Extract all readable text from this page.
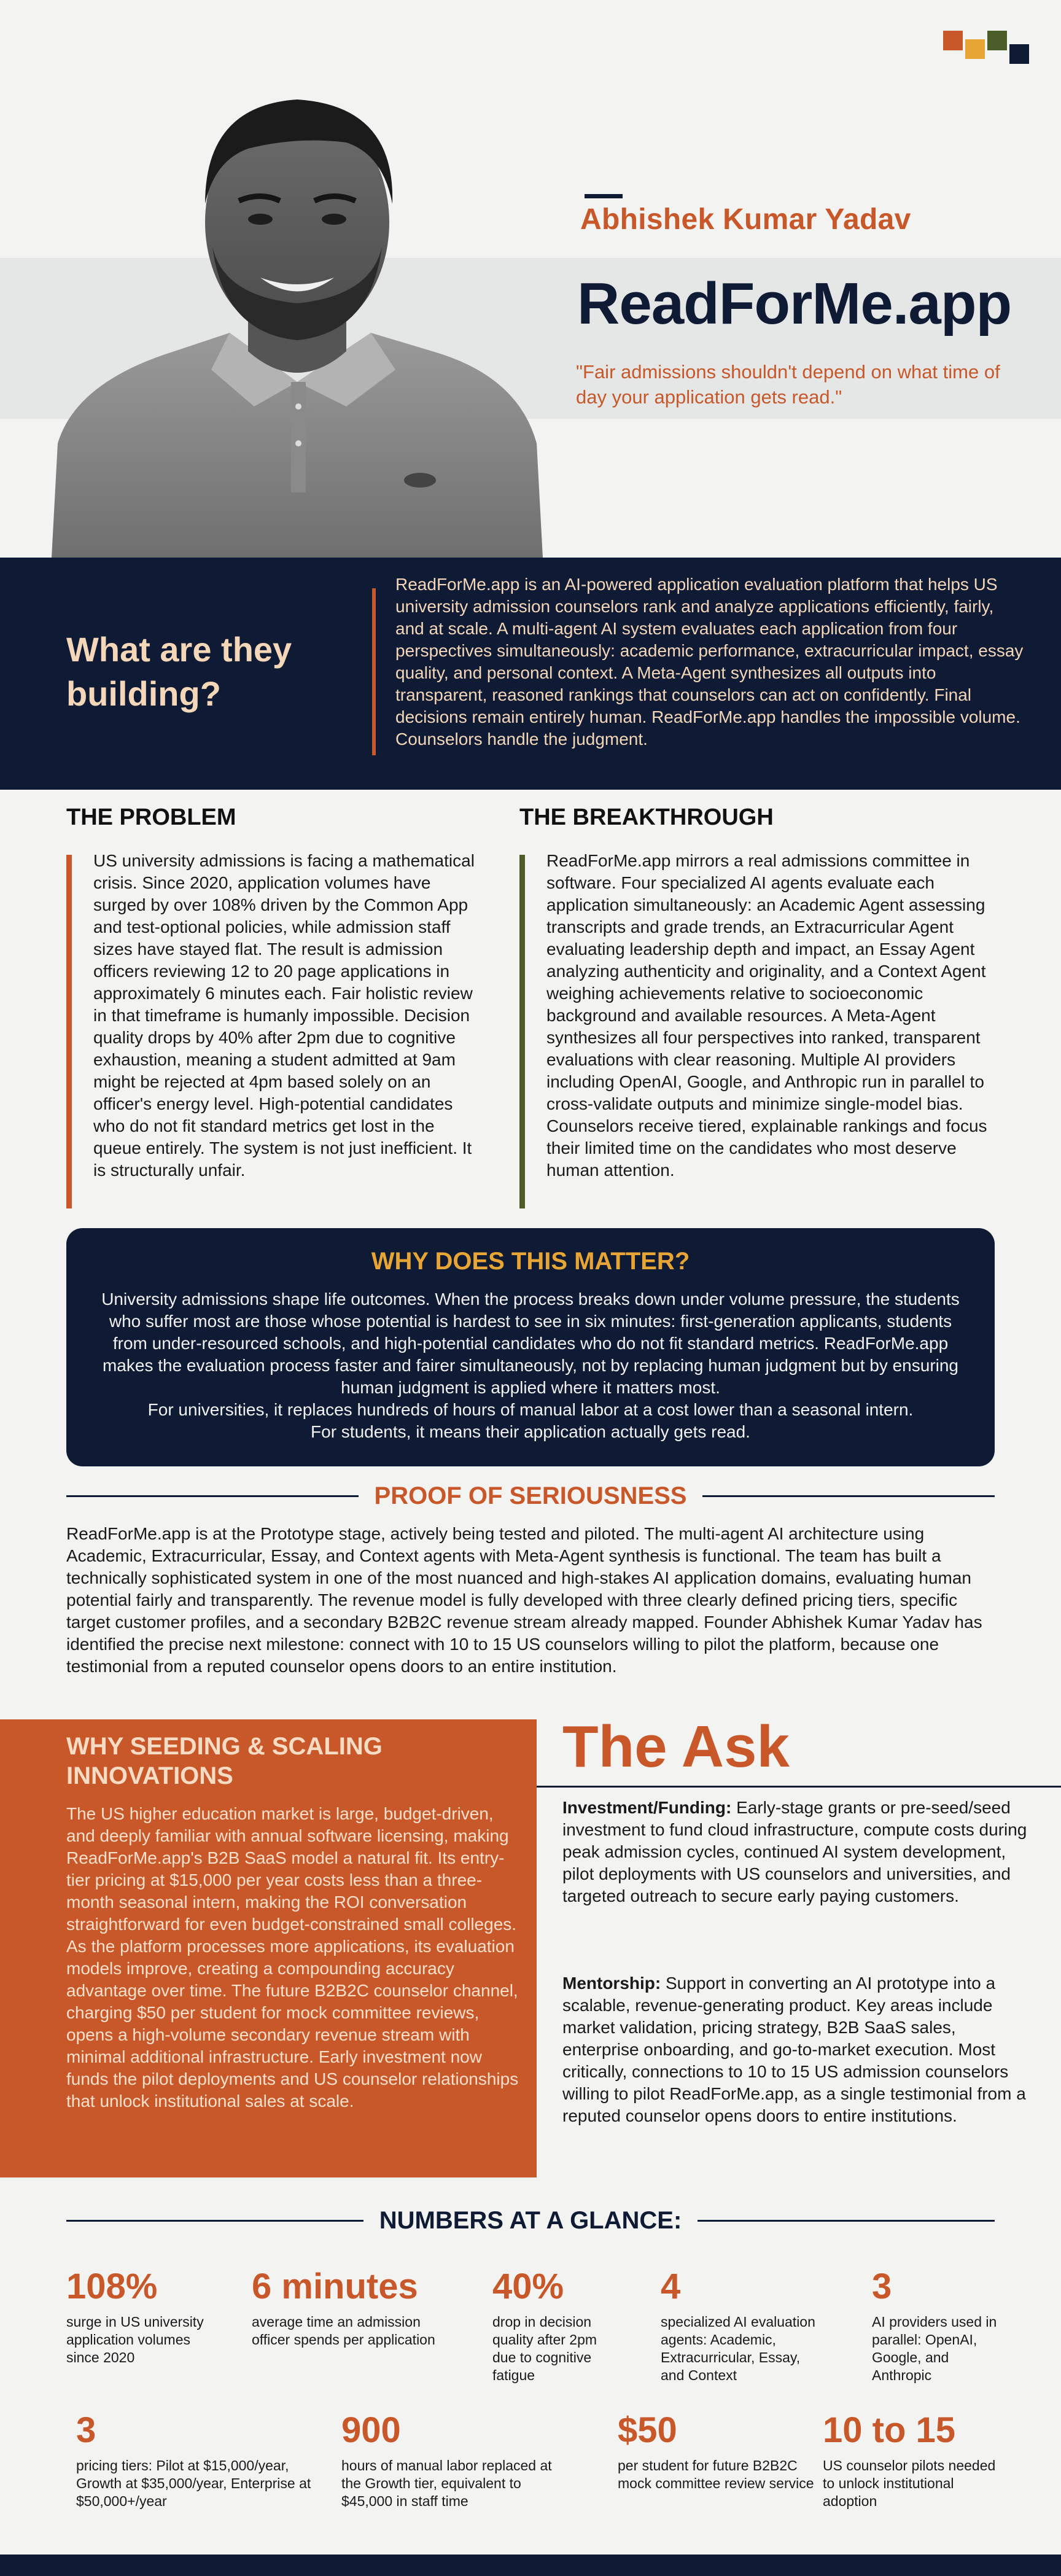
Abhishek Kumar Yadav
ReadForMe.app
"Fair admissions shouldn't depend on what time of day your application gets read."
What are they building?
ReadForMe.app is an AI-powered application evaluation platform that helps US university admission counselors rank and analyze applications efficiently, fairly, and at scale. A multi-agent AI system evaluates each application from four perspectives simultaneously: academic performance, extracurricular impact, essay quality, and personal context. A Meta-Agent synthesizes all outputs into transparent, reasoned rankings that counselors can act on confidently. Final decisions remain entirely human. ReadForMe.app handles the impossible volume. Counselors handle the judgment.
THE PROBLEM
US university admissions is facing a mathematical crisis. Since 2020, application volumes have surged by over 108% driven by the Common App and test-optional policies, while admission staff sizes have stayed flat. The result is admission officers reviewing 12 to 20 page applications in approximately 6 minutes each. Fair holistic review in that timeframe is humanly impossible. Decision quality drops by 40% after 2pm due to cognitive exhaustion, meaning a student admitted at 9am might be rejected at 4pm based solely on an officer's energy level. High-potential candidates who do not fit standard metrics get lost in the queue entirely. The system is not just inefficient. It is structurally unfair.
THE BREAKTHROUGH
ReadForMe.app mirrors a real admissions committee in software. Four specialized AI agents evaluate each application simultaneously: an Academic Agent assessing transcripts and grade trends, an Extracurricular Agent evaluating leadership depth and impact, an Essay Agent analyzing authenticity and originality, and a Context Agent weighing achievements relative to socioeconomic background and available resources. A Meta-Agent synthesizes all four perspectives into ranked, transparent evaluations with clear reasoning. Multiple AI providers including OpenAI, Google, and Anthropic run in parallel to cross-validate outputs and minimize single-model bias. Counselors receive tiered, explainable rankings and focus their limited time on the candidates who most deserve human attention.
WHY DOES THIS MATTER?
University admissions shape life outcomes. When the process breaks down under volume pressure, the students who suffer most are those whose potential is hardest to see in six minutes: first-generation applicants, students from under-resourced schools, and high-potential candidates who do not fit standard metrics. ReadForMe.app makes the evaluation process faster and fairer simultaneously, not by replacing human judgment but by ensuring human judgment is applied where it matters most.
For universities, it replaces hundreds of hours of manual labor at a cost lower than a seasonal intern.
For students, it means their application actually gets read.
PROOF OF SERIOUSNESS
ReadForMe.app is at the Prototype stage, actively being tested and piloted. The multi-agent AI architecture using Academic, Extracurricular, Essay, and Context agents with Meta-Agent synthesis is functional. The team has built a technically sophisticated system in one of the most nuanced and high-stakes AI application domains, evaluating human potential fairly and transparently. The revenue model is fully developed with three clearly defined pricing tiers, specific target customer profiles, and a secondary B2B2C revenue stream already mapped. Founder Abhishek Kumar Yadav has identified the precise next milestone: connect with 10 to 15 US counselors willing to pilot the platform, because one testimonial from a reputed counselor opens doors to an entire institution.
WHY SEEDING & SCALING INNOVATIONS
The US higher education market is large, budget-driven, and deeply familiar with annual software licensing, making ReadForMe.app's B2B SaaS model a natural fit. Its entry-tier pricing at $15,000 per year costs less than a three-month seasonal intern, making the ROI conversation straightforward for even budget-constrained small colleges. As the platform processes more applications, its evaluation models improve, creating a compounding accuracy advantage over time. The future B2B2C counselor channel, charging $50 per student for mock committee reviews, opens a high-volume secondary revenue stream with minimal additional infrastructure. Early investment now funds the pilot deployments and US counselor relationships that unlock institutional sales at scale.
The Ask
Investment/Funding: Early-stage grants or pre-seed/seed investment to fund cloud infrastructure, compute costs during peak admission cycles, continued AI system development, pilot deployments with US counselors and universities, and targeted outreach to secure early paying customers.
Mentorship: Support in converting an AI prototype into a scalable, revenue-generating product. Key areas include market validation, pricing strategy, B2B SaaS sales, enterprise onboarding, and go-to-market execution. Most critically, connections to 10 to 15 US admission counselors willing to pilot ReadForMe.app, as a single testimonial from a reputed counselor opens doors to entire institutions.
NUMBERS AT A GLANCE:
108%
surge in US university application volumes since 2020
6 minutes
average time an admission officer spends per application
40%
drop in decision quality after 2pm due to cognitive fatigue
4
specialized AI evaluation agents: Academic, Extracurricular, Essay, and Context
3
AI providers used in parallel: OpenAI, Google, and Anthropic
3
pricing tiers: Pilot at $15,000/year, Growth at $35,000/year, Enterprise at $50,000+/year
900
hours of manual labor replaced at the Growth tier, equivalent to $45,000 in staff time
$50
per student for future B2B2C mock committee review service
10 to 15
US counselor pilots needed to unlock institutional adoption
